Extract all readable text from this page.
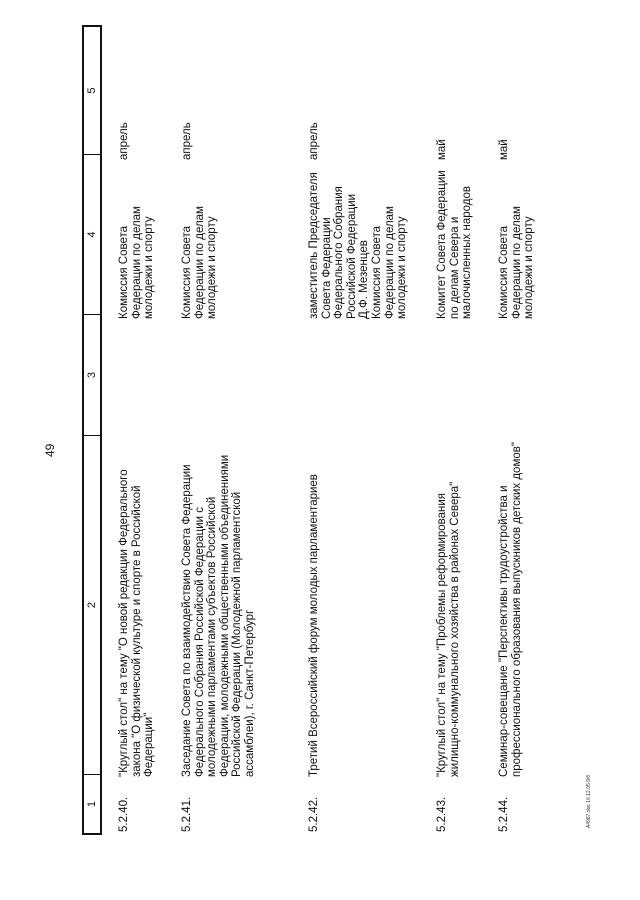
49
1
2
3
4
5
5.2.40.
"Круглый стол" на тему "О новой редакции Федерального закона "О физической культуре и спорте в Российской Федерации"
Комиссия Совета
Федерации по делам
молодежи и спорту
апрель
5.2.41.
Заседание Совета по взаимодействию Совета Федерации Федерального Собрания Российской Федерации с молодежными парламентами субъектов Российской Федерации, молодежными общественными объединениями Российской Федерации (Молодежной парламентской ассамблеи), г. Санкт-Петербург
Комиссия Совета
Федерации по делам
молодежи и спорту
апрель
5.2.42.
Третий Всероссийский форум молодых парламентариев
заместитель Председателя
Совета Федерации
Федерального Собрания
Российской Федерации
Д.Ф. Мезенцев
Комиссия Совета
Федерации по делам
молодежи и спорту
апрель
5.2.43.
"Круглый стол" на тему "Проблемы реформирования жилищно-коммунального хозяйства в районах Севера"
Комитет Совета Федерации
по делам Севера и
малочисленных народов
май
5.2.44.
Семинар-совещание "Перспективы трудоустройства и профессионального образования выпускников детских домов"
Комиссия Совета
Федерации по делам
молодежи и спорту
май
A4987.doc 16.12.05 9/6
